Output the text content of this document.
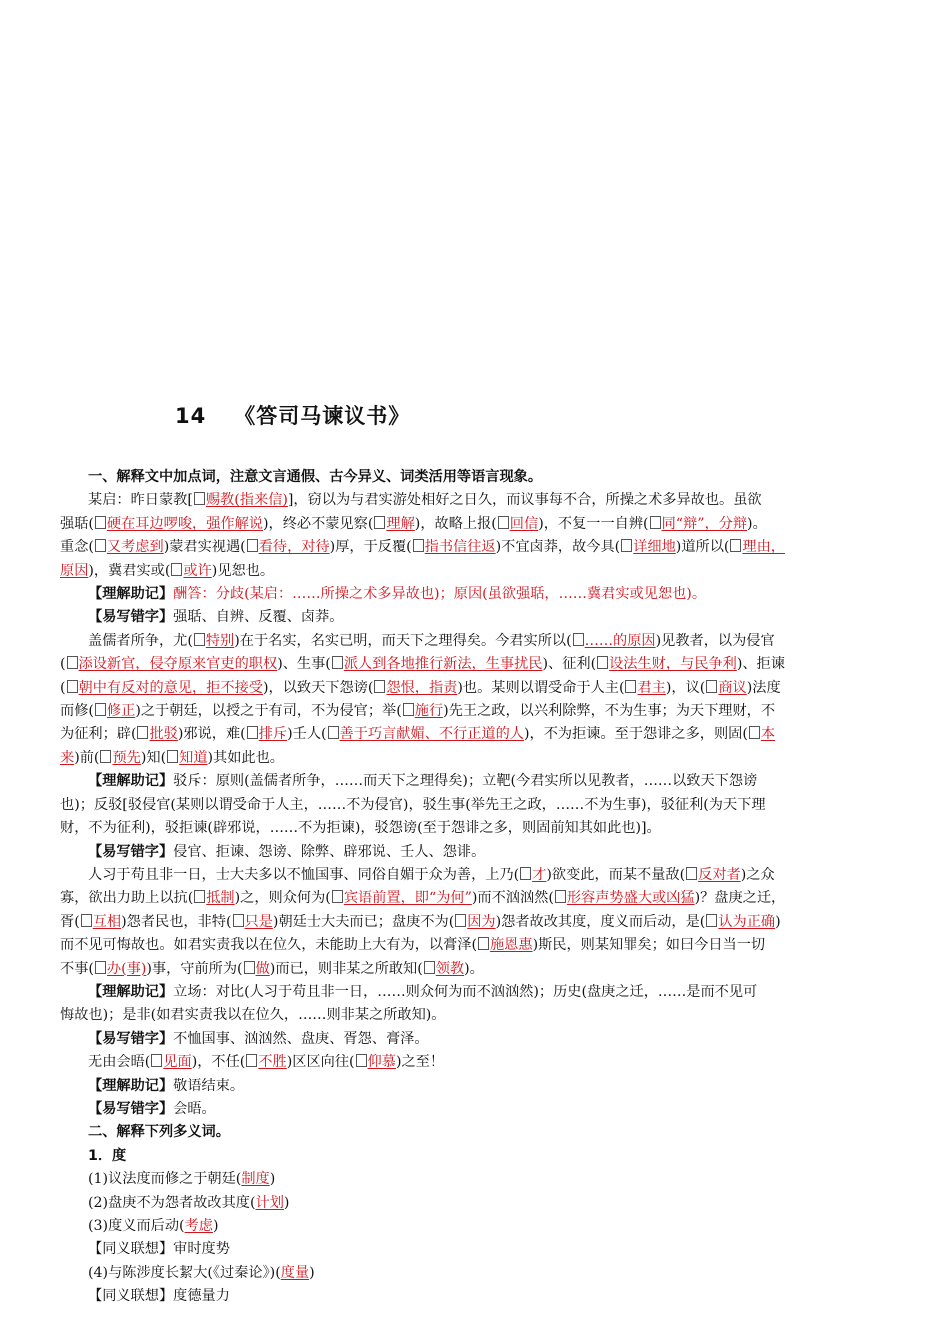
14 《答司马谏议书》
一、解释文中加点词，注意文言通假、古今异义、词类活用等语言现象。
某启：昨日蒙教[ 赐教(指来信)]，窃以为与君实游处相好之日久，而议事每不合，所操之术多异故也。虽欲
强聒( 硬在耳边啰唆，强作解说)，终必不蒙见察( 理解)，故略上报( 回信)，不复一一自辨( 同“辩”，分辩)。
重念( 又考虑到)蒙君实视遇( 看待，对待)厚，于反覆( 指书信往返)不宜卤莽，故今具( 详细地)道所以( 理由，
原因)，冀君实或( 或许)见恕也。
【理解助记】酬答：分歧(某启：……所操之术多异故也)；原因(虽欲强聒，……冀君实或见恕也)。
【易写错字】强聒、自辨、反覆、卤莽。
盖儒者所争，尤( 特别)在于名实，名实已明，而天下之理得矣。今君实所以( ……的原因)见教者，以为侵官
( 添设新官，侵夺原来官吏的职权)、生事( 派人到各地推行新法，生事扰民)、征利( 设法生财，与民争利)、拒谏
( 朝中有反对的意见，拒不接受)，以致天下怨谤( 怨恨，指责)也。某则以谓受命于人主( 君主)，议( 商议)法度
而修( 修正)之于朝廷，以授之于有司，不为侵官；举( 施行)先王之政，以兴利除弊，不为生事；为天下理财，不
为征利；辟( 批驳)邪说，难( 排斥)壬人( 善于巧言献媚、不行正道的人)，不为拒谏。至于怨诽之多，则固( 本
来)前( 预先)知( 知道)其如此也。
【理解助记】驳斥：原则(盖儒者所争，……而天下之理得矣)；立靶(今君实所以见教者，……以致天下怨谤
也)；反驳[驳侵官(某则以谓受命于人主，……不为侵官)，驳生事(举先王之政，……不为生事)，驳征利(为天下理
财，不为征利)，驳拒谏(辟邪说，……不为拒谏)，驳怨谤(至于怨诽之多，则固前知其如此也)]。
【易写错字】侵官、拒谏、怨谤、除弊、辟邪说、壬人、怨诽。
人习于苟且非一日，士大夫多以不恤国事、同俗自媚于众为善，上乃( 才)欲变此，而某不量敌( 反对者)之众
寡，欲出力助上以抗( 抵制)之，则众何为( 宾语前置，即“为何”)而不汹汹然( 形容声势盛大或凶猛)？盘庚之迁，
胥( 互相)怨者民也，非特( 只是)朝廷士大夫而已；盘庚不为( 因为)怨者故改其度，度义而后动，是( 认为正确)
而不见可悔故也。如君实责我以在位久，未能助上大有为，以膏泽( 施恩惠)斯民，则某知罪矣；如曰今日当一切
不事( 办(事))事，守前所为( 做)而已，则非某之所敢知( 领教)。
【理解助记】立场：对比(人习于苟且非一日，……则众何为而不汹汹然)；历史(盘庚之迁，……是而不见可
悔故也)；是非(如君实责我以在位久，……则非某之所敢知)。
【易写错字】不恤国事、汹汹然、盘庚、胥怨、膏泽。
无由会晤( 见面)，不任( 不胜)区区向往( 仰慕)之至！
【理解助记】敬语结束。
【易写错字】会晤。
二、解释下列多义词。
1．度
(1)议法度而修之于朝廷(制度)
(2)盘庚不为怨者故改其度(计划)
(3)度义而后动(考虑)
【同义联想】审时度势
(4)与陈涉度长絜大(《过秦论》)(度量)
【同义联想】度德量力
